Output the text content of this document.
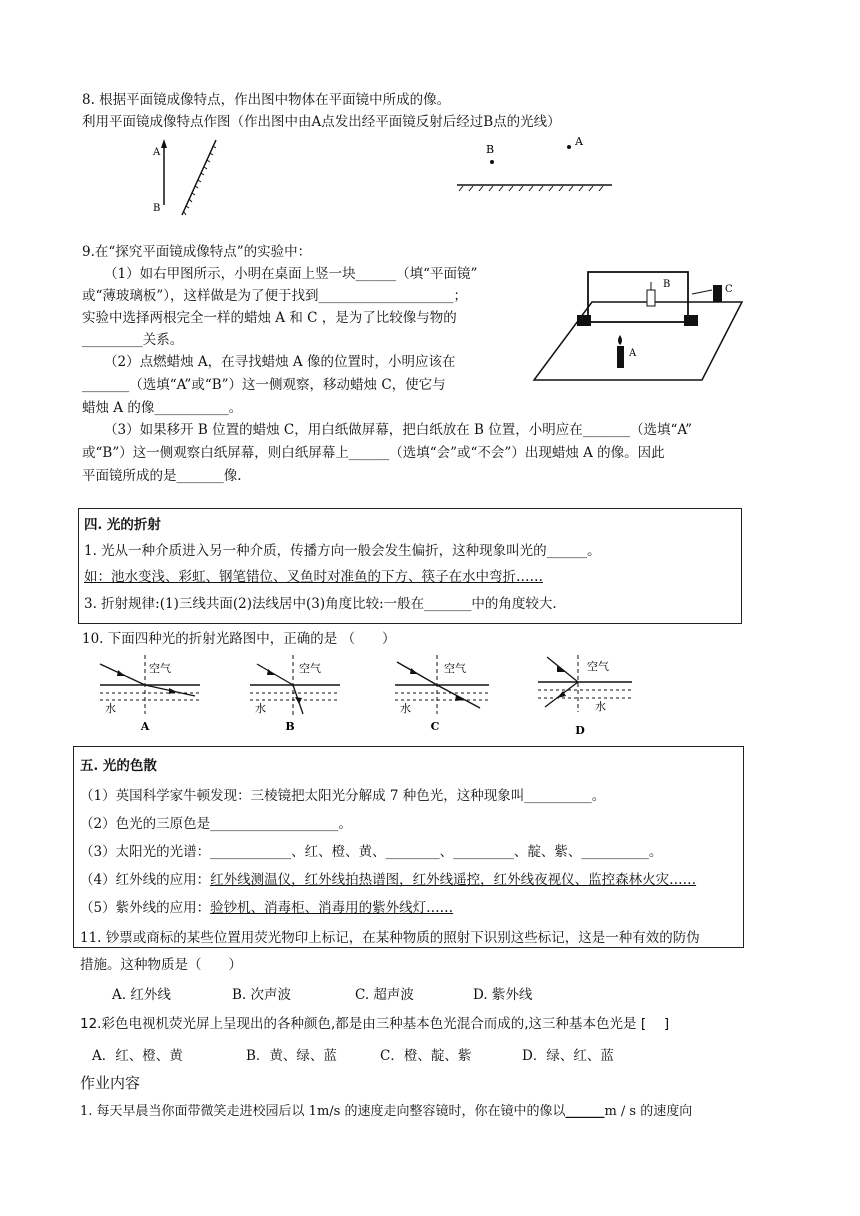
8. 根据平面镜成像特点，作出图中物体在平面镜中所成的像。
利用平面镜成像特点作图（作出图中由A点发出经平面镜反射后经过B点的光线）
A
B
B
A
9.在“探究平面镜成像特点”的实验中：
（1）如右甲图所示，小明在桌面上竖一块______（填“平面镜”
或“薄玻璃板”），这样做是为了便于找到____________________；
实验中选择两根完全一样的蜡烛 A 和 C ，是为了比较像与物的
_________关系。
（2）点燃蜡烛 A，在寻找蜡烛 A 像的位置时，小明应该在
_______（选填“A”或“B”）这一侧观察，移动蜡烛 C，使它与
蜡烛 A 的像___________。
（3）如果移开 B 位置的蜡烛 C，用白纸做屏幕，把白纸放在 B 位置，小明应在_______（选填“A”
或“B”）这一侧观察白纸屏幕，则白纸屏幕上______（选填“会”或“不会”）出现蜡烛 A 的像。因此
平面镜所成的是_______像.
B	C
A
四. 光的折射
1. 光从一种介质进入另一种介质，传播方向一般会发生偏折，这种现象叫光的______。
如：池水变浅、彩虹、钢笔错位、叉鱼时对准鱼的下方、筷子在水中弯折……
3. 折射规律:(1)三线共面(2)法线居中(3)角度比较:一般在_______中的角度较大.
10. 下面四种光的折射光路图中，正确的是 （　　）
空气
水
A
空气
水
B
空气
水
C
空气
水
D
五. 光的色散
（1）英国科学家牛顿发现：三棱镜把太阳光分解成 7 种色光，这种现象叫__________。
（2）色光的三原色是___________________。
（3）太阳光的光谱：____________、红、橙、黄、________、_________、靛、紫、__________。
（4）红外线的应用：红外线测温仪，红外线拍热谱图，红外线遥控，红外线夜视仪、监控森林火灾……
（5）紫外线的应用：验钞机、消毒柜、消毒用的紫外线灯……
11. 钞票或商标的某些位置用荧光物印上标记，在某种物质的照射下识别这些标记，这是一种有效的防伪
措施。这种物质是（　　）
A. 红外线	B. 次声波	C. 超声波	D. 紫外线
12.彩色电视机荧光屏上呈现出的各种颜色,都是由三种基本色光混合而成的,这三种基本色光是 [　 ]
A．红、橙、黄	B．黄、绿、蓝	C．橙、靛、紫	D．绿、红、蓝
作业内容
1. 每天早晨当你面带微笑走进校园后以 1m/s 的速度走向整容镜时，你在镜中的像以______m / s 的速度向
